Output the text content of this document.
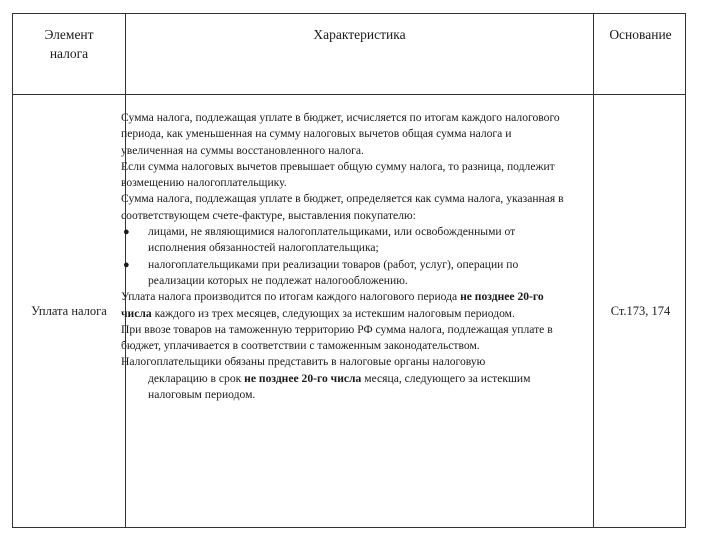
Элемент
налога
Характеристика	Основание
Уплата налога	Ст.173, 174

Сумма налога, подлежащая уплате в бюджет, исчисляется по итогам каждого налогового периода, как уменьшенная на сумму налоговых вычетов общая сумма налога и увеличенная на суммы восстановленного налога.

Если сумма налоговых вычетов превышает общую сумму налога, то разница, подлежит возмещению налогоплательщику.

Сумма налога, подлежащая уплате в бюджет, определяется как сумма налога, указанная в соответствующем счете-фактуре, выставления покупателю:

● лицами, не являющимися налогоплательщиками, или освобожденными от исполнения обязанностей налогоплательщика;

● налогоплательщиками при реализации товаров (работ, услуг), операции по реализации которых не подлежат налогообложению.

Уплата налога производится по итогам каждого налогового периода не позднее 20-го числа каждого из трех месяцев, следующих за истекшим налоговым периодом.

При ввозе товаров на таможенную территорию РФ сумма налога, подлежащая уплате в бюджет, уплачивается в соответствии с таможенным законодательством.

Налогоплательщики обязаны представить в налоговые органы налоговую

декларацию в срок не позднее 20-го числа месяца, следующего за истекшим налоговым периодом.
